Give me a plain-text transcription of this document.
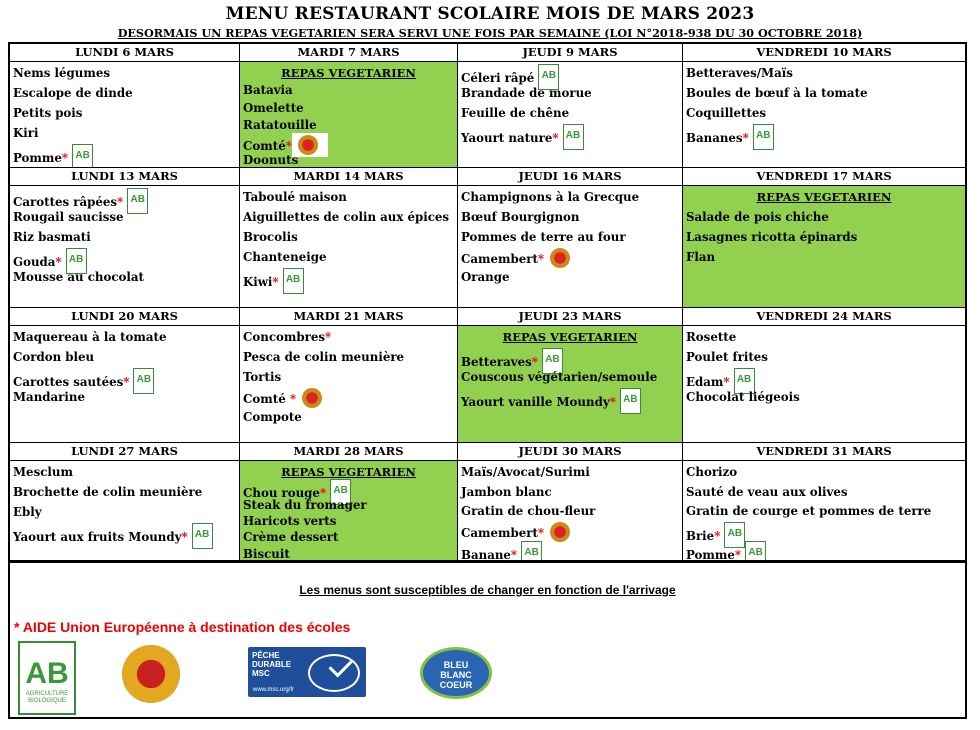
MENU RESTAURANT SCOLAIRE MOIS DE MARS 2023
DESORMAIS UN REPAS VEGETARIEN SERA SERVI UNE FOIS PAR SEMAINE (LOI N°2018-938 DU 30 OCTOBRE 2018)
LUNDI 6 MARS
Nems légumes
Escalope de dinde
Petits pois
Kiri
Pomme* AB
MARDI 7 MARS
REPAS VEGETARIEN
Batavia
Omelette
Ratatouille
Comté*
Doonuts
JEUDI 9 MARS
Céleri râpé AB
Brandade de morue
Feuille de chêne
Yaourt nature* AB
VENDREDI 10 MARS
Betteraves/Maïs
Boules de bœuf à la tomate
Coquillettes
Bananes* AB
LUNDI 13 MARS
Carottes râpées* AB
Rougail saucisse
Riz basmati
Gouda* AB
Mousse au chocolat
MARDI 14 MARS
Taboulé maison
Aiguillettes de colin aux épices
Brocolis
Chanteneige
Kiwi* AB
JEUDI 16 MARS
Champignons à la Grecque
Bœuf Bourgignon
Pommes de terre au four
Camembert*
Orange
VENDREDI 17 MARS
REPAS VEGETARIEN
Salade de pois chiche
Lasagnes ricotta épinards
Flan
LUNDI 20 MARS
Maquereau à la tomate
Cordon bleu
Carottes sautées* AB
Mandarine
MARDI 21 MARS
Concombres*
Pesca de colin meunière
Tortis
Comté *
Compote
JEUDI 23 MARS
REPAS VEGETARIEN
Betteraves* AB
Couscous végétarien/semoule
Yaourt vanille Moundy* AB
VENDREDI 24 MARS
Rosette
Poulet frites
Edam* AB
Chocolat liégeois
LUNDI 27 MARS
Mesclum
Brochette de colin meunière
Ebly
Yaourt aux fruits Moundy* AB
MARDI 28 MARS
REPAS VEGETARIEN
Chou rouge* AB
Steak du fromager
Haricots verts
Crème dessert
Biscuit
JEUDI 30 MARS
Maïs/Avocat/Surimi
Jambon blanc
Gratin de chou-fleur
Camembert*
Banane* AB
VENDREDI 31 MARS
Chorizo
Sauté de veau aux olives
Gratin de courge et pommes de terre
Brie* AB
Pomme* AB
Les menus sont susceptibles de changer en fonction de l'arrivage
* AIDE Union Européenne à destination des écoles
AB
AGRICULTURE BIOLOGIQUE
PÊCHE
DURABLE
MSC
www.msc.org/fr
BLEU
BLANC
COEUR
